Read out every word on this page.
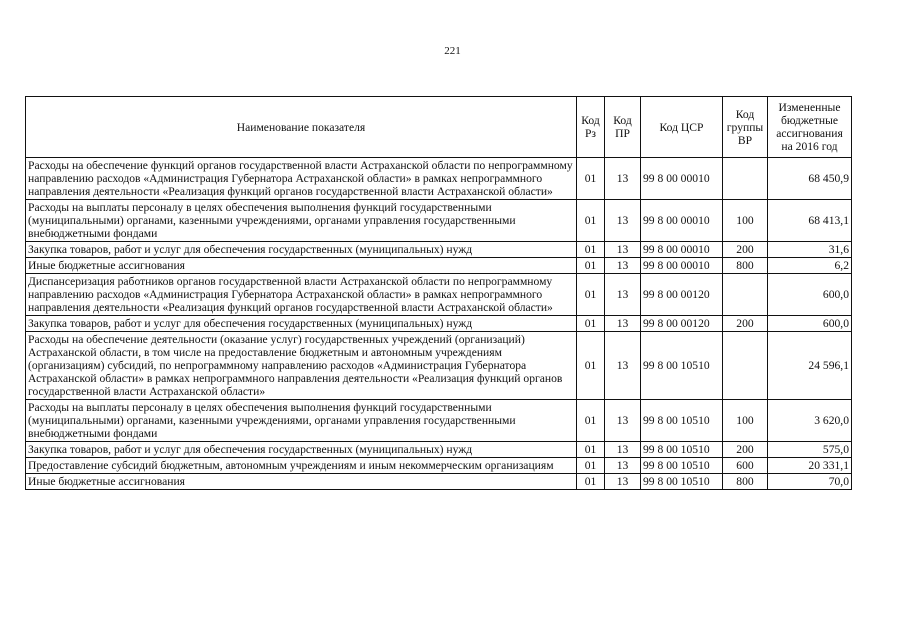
221
Наименование показателя	Код Рз	Код ПР	Код ЦСР	Код группы ВР	Измененные бюджетные ассигнования на 2016 год
Расходы на обеспечение функций органов государственной власти Астраханской области по непрограммному направлению расходов «Администрация Губернатора Астраханской области» в рамках непрограммного направления деятельности «Реализация функций органов государственной власти Астраханской области»	01	13	99 8 00 00010		68 450,9
Расходы на выплаты персоналу в целях обеспечения выполнения функций государственными (муниципальными) органами, казенными учреждениями, органами управления государственными внебюджетными фондами	01	13	99 8 00 00010	100	68 413,1
Закупка товаров, работ и услуг для обеспечения государственных (муниципальных) нужд	01	13	99 8 00 00010	200	31,6
Иные бюджетные ассигнования	01	13	99 8 00 00010	800	6,2
Диспансеризация работников органов государственной власти Астраханской области по непрограммному направлению расходов «Администрация Губернатора Астраханской области» в рамках непрограммного направления деятельности «Реализация функций органов государственной власти Астраханской области»	01	13	99 8 00 00120		600,0
Закупка товаров, работ и услуг для обеспечения государственных (муниципальных) нужд	01	13	99 8 00 00120	200	600,0
Расходы на обеспечение деятельности (оказание услуг) государственных учреждений (организаций) Астраханской области, в том числе на предоставление бюджетным и автономным учреждениям (организациям) субсидий, по непрограммному направлению расходов «Администрация Губернатора Астраханской области» в рамках непрограммного направления деятельности «Реализация функций органов государственной власти Астраханской области»	01	13	99 8 00 10510		24 596,1
Расходы на выплаты персоналу в целях обеспечения выполнения функций государственными (муниципальными) органами, казенными учреждениями, органами управления государственными внебюджетными фондами	01	13	99 8 00 10510	100	3 620,0
Закупка товаров, работ и услуг для обеспечения государственных (муниципальных) нужд	01	13	99 8 00 10510	200	575,0
Предоставление субсидий бюджетным, автономным учреждениям и иным некоммерческим организациям	01	13	99 8 00 10510	600	20 331,1
Иные бюджетные ассигнования	01	13	99 8 00 10510	800	70,0
